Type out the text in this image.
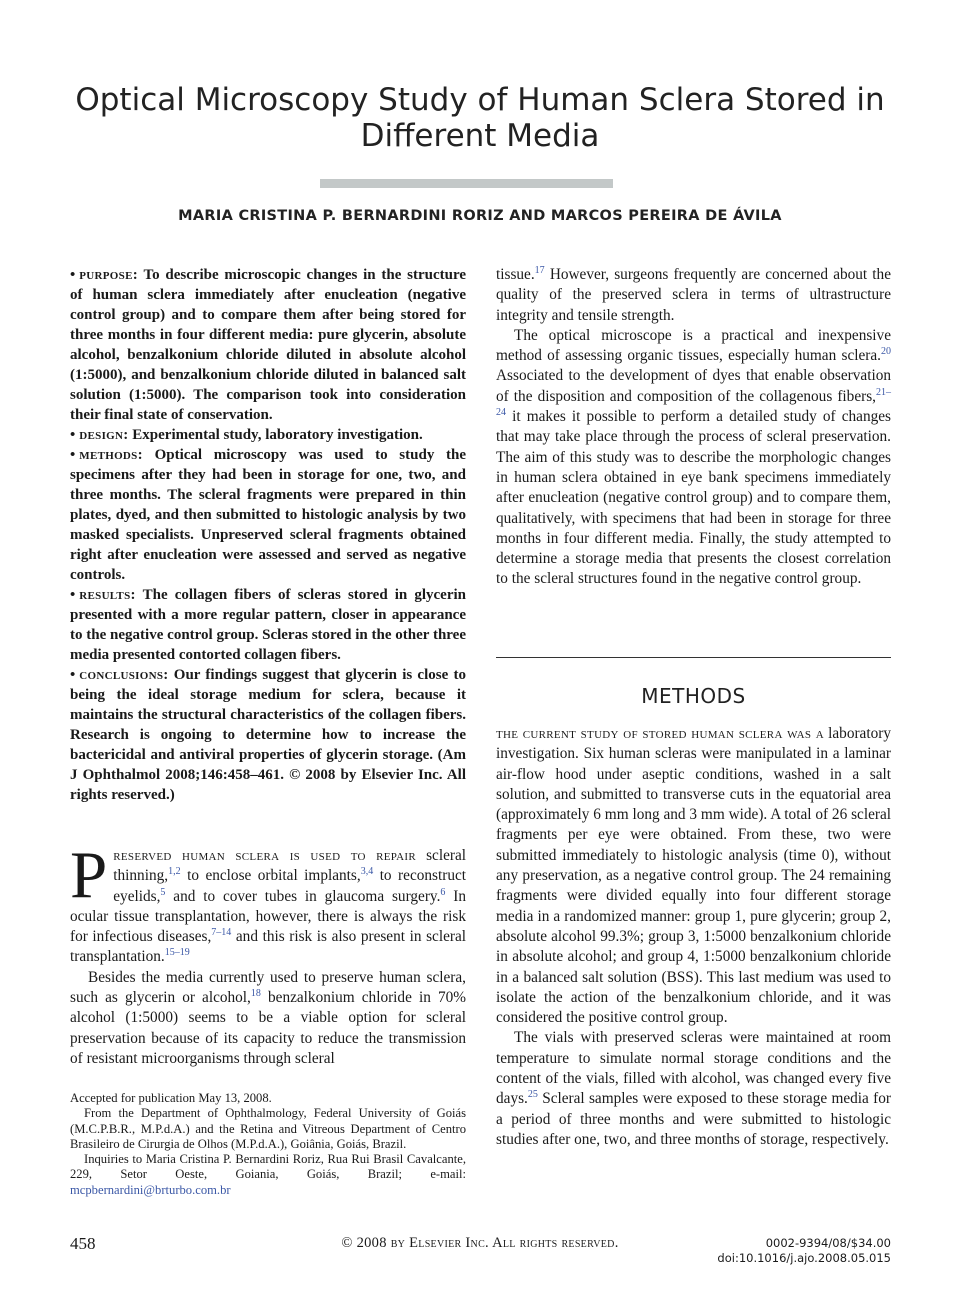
Optical Microscopy Study of Human Sclera Stored in
Different Media
MARIA CRISTINA P. BERNARDINI RORIZ AND MARCOS PEREIRA DE ÁVILA

• purpose: To describe microscopic changes in the structure of human sclera immediately after enucleation (negative control group) and to compare them after being stored for three months in four different media: pure glycerin, absolute alcohol, benzalkonium chloride diluted in absolute alcohol (1:5000), and benzalkonium chloride diluted in balanced salt solution (1:5000). The comparison took into consideration their final state of conservation.

• design: Experimental study, laboratory investigation.

• methods: Optical microscopy was used to study the specimens after they had been in storage for one, two, and three months. The scleral fragments were prepared in thin plates, dyed, and then submitted to histologic analysis by two masked specialists. Unpreserved scleral fragments obtained right after enucleation were assessed and served as negative controls.

• results: The collagen fibers of scleras stored in glycerin presented with a more regular pattern, closer in appearance to the negative control group. Scleras stored in the other three media presented contorted collagen fibers.

• conclusions: Our findings suggest that glycerin is close to being the ideal storage medium for sclera, because it maintains the structural characteristics of the collagen fibers. Research is ongoing to determine how to increase the bactericidal and antiviral properties of glycerin storage. (Am J Ophthalmol 2008;146:458–461. © 2008 by Elsevier Inc. All rights reserved.)

Preserved human sclera is used to repair scleral thinning,$^{1,2}$ to enclose orbital implants,$^{3,4}$ to reconstruct eyelids,$^5$ and to cover tubes in glaucoma surgery.$^6$ In ocular tissue transplantation, however, there is always the risk for infectious diseases,$^{7-14}$ and this risk is also present in scleral transplantation.$^{15-19}$

Besides the media currently used to preserve human sclera, such as glycerin or alcohol,$^{18}$ benzalkonium chloride in 70% alcohol (1:5000) seems to be a viable option for scleral preservation because of its capacity to reduce the transmission of resistant microorganisms through scleral

Accepted for publication May 13, 2008.

From the Department of Ophthalmology, Federal University of Goiás (M.C.P.B.R., M.P.d.A.) and the Retina and Vitreous Department of Centro Brasileiro de Cirurgia de Olhos (M.P.d.A.), Goiânia, Goiás, Brazil.

Inquiries to Maria Cristina P. Bernardini Roriz, Rua Rui Brasil Cavalcante, 229, Setor Oeste, Goiania, Goiás, Brazil; e-mail: mcpbernardini@brturbo.com.br

tissue.$^{17}$ However, surgeons frequently are concerned about the quality of the preserved sclera in terms of ultrastructure integrity and tensile strength.

The optical microscope is a practical and inexpensive method of assessing organic tissues, especially human sclera.$^{20}$ Associated to the development of dyes that enable observation of the disposition and composition of the collagenous fibers,$^{21-24}$ it makes it possible to perform a detailed study of changes that may take place through the process of scleral preservation. The aim of this study was to describe the morphologic changes in human sclera obtained in eye bank specimens immediately after enucleation (negative control group) and to compare them, qualitatively, with specimens that had been in storage for three months in four different media. Finally, the study attempted to determine a storage media that presents the closest correlation to the scleral structures found in the negative control group.

METHODS

the current study of stored human sclera was a laboratory investigation. Six human scleras were manipulated in a laminar air-flow hood under aseptic conditions, washed in a salt solution, and submitted to transverse cuts in the equatorial area (approximately 6 mm long and 3 mm wide). A total of 26 scleral fragments per eye were obtained. From these, two were submitted immediately to histologic analysis (time 0), without any preservation, as a negative control group. The 24 remaining fragments were divided equally into four different storage media in a randomized manner: group 1, pure glycerin; group 2, absolute alcohol 99.3%; group 3, 1:5000 benzalkonium chloride in absolute alcohol; and group 4, 1:5000 benzalkonium chloride in a balanced salt solution (BSS). This last medium was used to isolate the action of the benzalkonium chloride, and it was considered the positive control group.

The vials with preserved scleras were maintained at room temperature to simulate normal storage conditions and the content of the vials, filled with alcohol, was changed every five days.$^{25}$ Scleral samples were exposed to these storage media for a period of three months and were submitted to histologic studies after one, two, and three months of storage, respectively.

458	© 2008 by Elsevier Inc. All rights reserved.	0002-9394/08/$34.00
doi:10.1016/j.ajo.2008.05.015
